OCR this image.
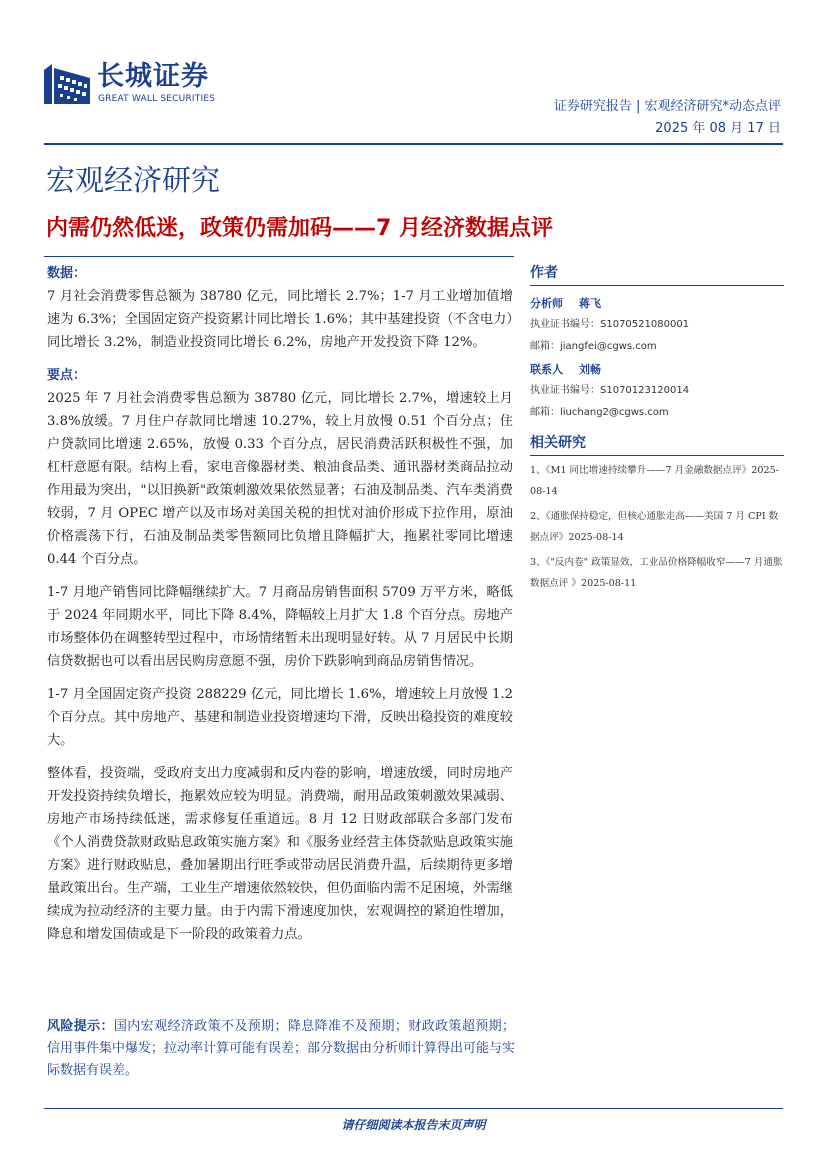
长城证券
GREAT WALL SECURITIES	证券研究报告 | 宏观经济研究*动态点评
2025 年 08 月 17 日
宏观经济研究
内需仍然低迷，政策仍需加码——7 月经济数据点评
数据：
7 月社会消费零售总额为 38780 亿元，同比增长 2.7%；1-7 月工业增加值增速为 6.3%；全国固定资产投资累计同比增长 1.6%；其中基建投资（不含电力）同比增长 3.2%，制造业投资同比增长 6.2%，房地产开发投资下降 12%。
要点：
2025 年 7 月社会消费零售总额为 38780 亿元，同比增长 2.7%，增速较上月 3.8%放缓。7 月住户存款同比增速 10.27%，较上月放慢 0.51 个百分点；住户贷款同比增速 2.65%，放慢 0.33 个百分点，居民消费活跃积极性不强，加杠杆意愿有限。结构上看，家电音像器材类、粮油食品类、通讯器材类商品拉动作用最为突出，"以旧换新"政策刺激效果依然显著；石油及制品类、汽车类消费较弱，7 月 OPEC 增产以及市场对美国关税的担忧对油价形成下拉作用，原油价格震荡下行，石油及制品类零售额同比负增且降幅扩大，拖累社零同比增速 0.44 个百分点。
1-7 月地产销售同比降幅继续扩大。7 月商品房销售面积 5709 万平方米，略低于 2024 年同期水平，同比下降 8.4%，降幅较上月扩大 1.8 个百分点。房地产市场整体仍在调整转型过程中，市场情绪暂未出现明显好转。从 7 月居民中长期信贷数据也可以看出居民购房意愿不强，房价下跌影响到商品房销售情况。
1-7 月全国固定资产投资 288229 亿元，同比增长 1.6%，增速较上月放慢 1.2 个百分点。其中房地产、基建和制造业投资增速均下滑，反映出稳投资的难度较大。
整体看，投资端，受政府支出力度减弱和反内卷的影响，增速放缓，同时房地产开发投资持续负增长，拖累效应较为明显。消费端，耐用品政策刺激效果减弱、房地产市场持续低迷，需求修复任重道远。8 月 12 日财政部联合多部门发布《个人消费贷款财政贴息政策实施方案》和《服务业经营主体贷款贴息政策实施方案》进行财政贴息，叠加暑期出行旺季或带动居民消费升温，后续期待更多增量政策出台。生产端，工业生产增速依然较快，但仍面临内需不足困境，外需继续成为拉动经济的主要力量。由于内需下滑速度加快，宏观调控的紧迫性增加，降息和增发国债或是下一阶段的政策着力点。
风险提示：国内宏观经济政策不及预期；降息降准不及预期；财政政策超预期；信用事件集中爆发；拉动率计算可能有误差；部分数据由分析师计算得出可能与实际数据有误差。
作者
分析师 蒋飞
执业证书编号：S1070521080001
邮箱：jiangfei@cgws.com
联系人 刘畅
执业证书编号：S1070123120014
邮箱：liuchang2@cgws.com
相关研究
1、《M1 同比增速持续攀升——7 月金融数据点评》2025-08-14
2、《通胀保持稳定，但核心通胀走高——美国 7 月 CPI 数据点评》2025-08-14
3、《"反内卷" 政策显效，工业品价格降幅收窄——7 月通胀数据点评 》2025-08-11
请仔细阅读本报告末页声明
